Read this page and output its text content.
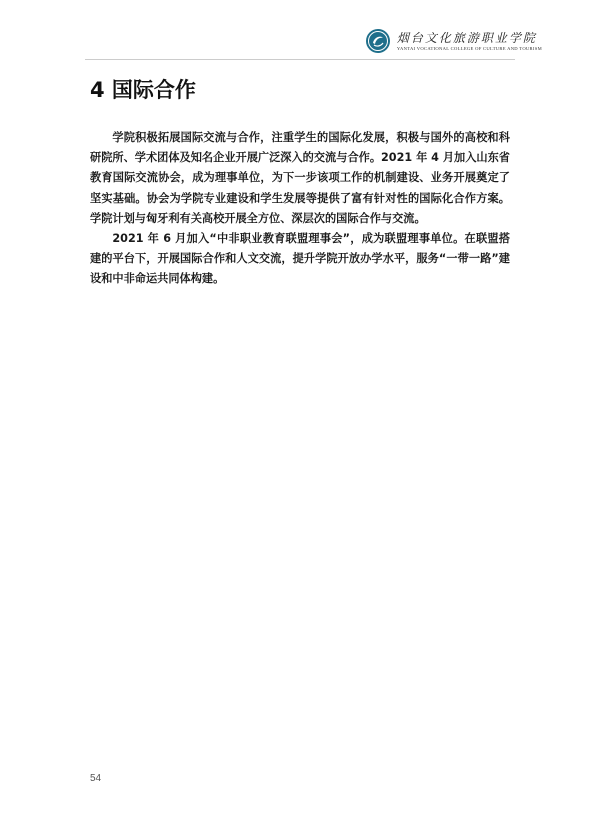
烟台文化旅游职业学院
YANTAI VOCATIONAL COLLEGE OF CULTURE AND TOURISM
4 国际合作

学院积极拓展国际交流与合作，注重学生的国际化发展，积极与国外的高校和科研院所、学术团体及知名企业开展广泛深入的交流与合作。2021 年 4 月加入山东省教育国际交流协会，成为理事单位，为下一步该项工作的机制建设、业务开展奠定了坚实基础。协会为学院专业建设和学生发展等提供了富有针对性的国际化合作方案。学院计划与匈牙利有关高校开展全方位、深层次的国际合作与交流。

2021 年 6 月加入“中非职业教育联盟理事会”，成为联盟理事单位。在联盟搭建的平台下，开展国际合作和人文交流，提升学院开放办学水平，服务“一带一路”建设和中非命运共同体构建。

54
